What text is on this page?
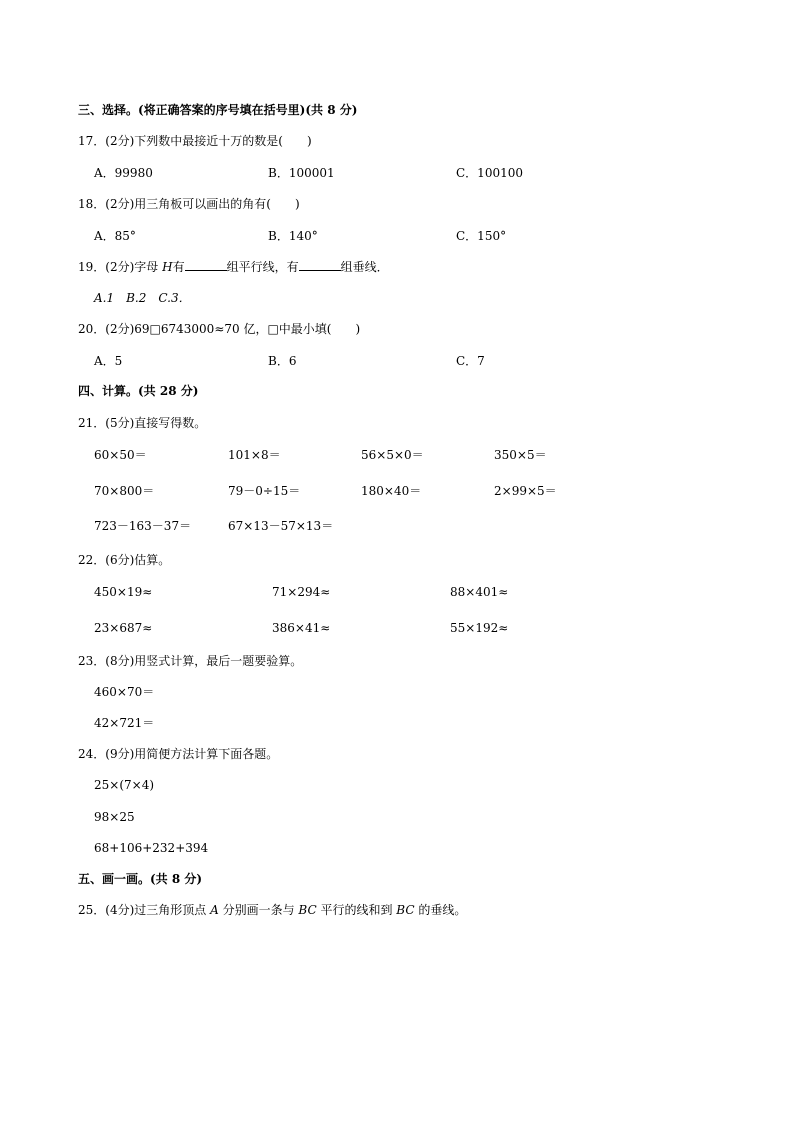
三、选择。(将正确答案的序号填在括号里)(共 8 分)
17．(2分)下列数中最接近十万的数是(　　)
A．99980	B．100001	C．100100
18．(2分)用三角板可以画出的角有(　　)
A．85°	B．140°	C．150°
19．(2分)字母 H有	组平行线，有	组垂线．
A.1　B.2　C.3．
20．(2分)69□6743000≈70 亿，□中最小填(　　)
A．5	B．6	C．7
四、计算。(共 28 分)
21．(5分)直接写得数。
60×50＝	101×8＝	56×5×0＝	350×5＝
70×800＝	79－0÷15＝	180×40＝	2×99×5＝
723－163－37＝	67×13－57×13＝
22．(6分)估算。
450×19≈	71×294≈	88×401≈
23×687≈	386×41≈	55×192≈
23．(8分)用竖式计算，最后一题要验算。
460×70＝
42×721＝
24．(9分)用简便方法计算下面各题。
25×(7×4)
98×25
68+106+232+394
五、画一画。(共 8 分)
25．(4分)过三角形顶点 A 分别画一条与 BC 平行的线和到 BC 的垂线。
